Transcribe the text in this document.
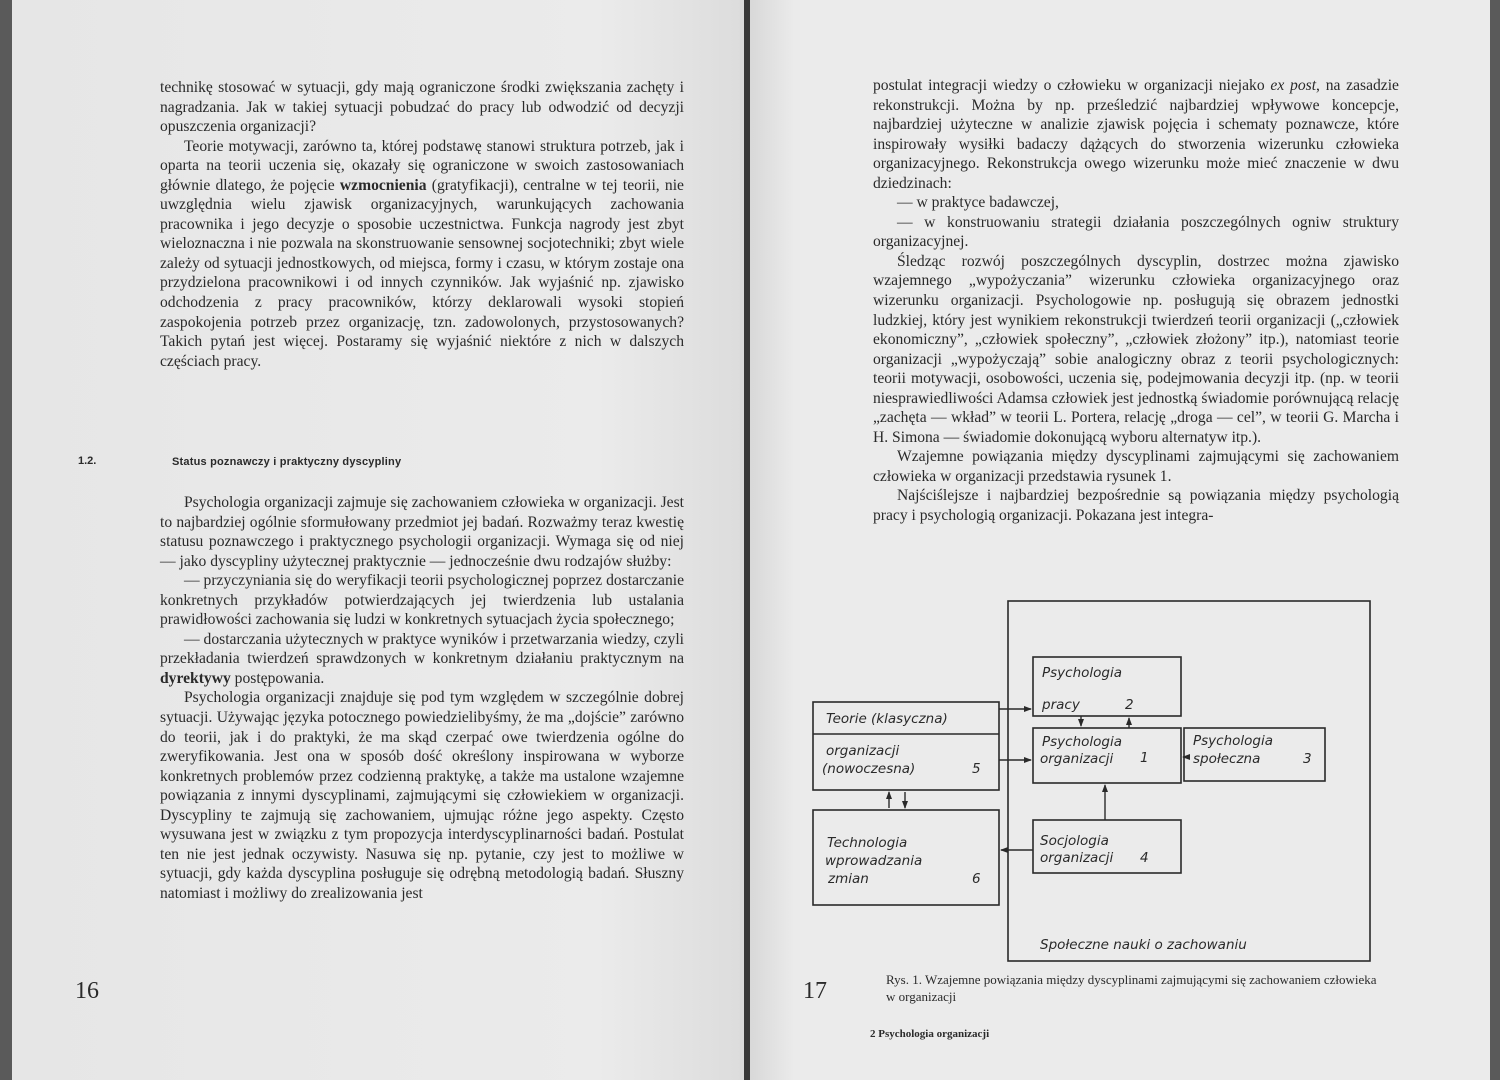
technikę stosować w sytuacji, gdy mają ograniczone środki zwiększania zachęty i nagradzania. Jak w takiej sytuacji pobudzać do pracy lub odwodzić od decyzji opuszczenia organizacji?

Teorie motywacji, zarówno ta, której podstawę stanowi struktura potrzeb, jak i oparta na teorii uczenia się, okazały się ograniczone w swoich zastosowaniach głównie dlatego, że pojęcie wzmocnienia (gratyfikacji), centralne w tej teorii, nie uwzględnia wielu zjawisk organizacyjnych, warunkujących zachowania pracownika i jego decyzje o sposobie uczestnictwa. Funkcja nagrody jest zbyt wieloznaczna i nie pozwala na skonstruowanie sensownej socjotechniki; zbyt wiele zależy od sytuacji jednostkowych, od miejsca, formy i czasu, w którym zostaje ona przydzielona pracownikowi i od innych czynników. Jak wyjaśnić np. zjawisko odchodzenia z pracy pracowników, którzy deklarowali wysoki stopień zaspokojenia potrzeb przez organizację, tzn. zadowolonych, przystosowanych? Takich pytań jest więcej. Postaramy się wyjaśnić niektóre z nich w dalszych częściach pracy.

1.2.	Status poznawczy i praktyczny dyscypliny

Psychologia organizacji zajmuje się zachowaniem człowieka w organizacji. Jest to najbardziej ogólnie sformułowany przedmiot jej badań. Rozważmy teraz kwestię statusu poznawczego i praktycznego psychologii organizacji. Wymaga się od niej — jako dyscypliny użytecznej praktycznie — jednocześnie dwu rodzajów służby:

— przyczyniania się do weryfikacji teorii psychologicznej poprzez dostarczanie konkretnych przykładów potwierdzających jej twierdzenia lub ustalania prawidłowości zachowania się ludzi w konkretnych sytuacjach życia społecznego;

— dostarczania użytecznych w praktyce wyników i przetwarzania wiedzy, czyli przekładania twierdzeń sprawdzonych w konkretnym działaniu praktycznym na dyrektywy postępowania.

Psychologia organizacji znajduje się pod tym względem w szczególnie dobrej sytuacji. Używając języka potocznego powiedzielibyśmy, że ma „dojście” zarówno do teorii, jak i do praktyki, że ma skąd czerpać owe twierdzenia ogólne do zweryfikowania. Jest ona w sposób dość określony inspirowana w wyborze konkretnych problemów przez codzienną praktykę, a także ma ustalone wzajemne powiązania z innymi dyscyplinami, zajmującymi się człowiekiem w organizacji. Dyscypliny te zajmują się zachowaniem, ujmując różne jego aspekty. Często wysuwana jest w związku z tym propozycja interdyscyplinarności badań. Postulat ten nie jest jednak oczywisty. Nasuwa się np. pytanie, czy jest to możliwe w sytuacji, gdy każda dyscyplina posługuje się odrębną metodologią badań. Słuszny natomiast i możliwy do zrealizowania jest

16

postulat integracji wiedzy o człowieku w organizacji niejako ex post, na zasadzie rekonstrukcji. Można by np. prześledzić najbardziej wpływowe koncepcje, najbardziej użyteczne w analizie zjawisk pojęcia i schematy poznawcze, które inspirowały wysiłki badaczy dążących do stworzenia wizerunku człowieka organizacyjnego. Rekonstrukcja owego wizerunku może mieć znaczenie w dwu dziedzinach:

— w praktyce badawczej,

— w konstruowaniu strategii działania poszczególnych ogniw struktury organizacyjnej.

Śledząc rozwój poszczególnych dyscyplin, dostrzec można zjawisko wzajemnego „wypożyczania” wizerunku człowieka organizacyjnego oraz wizerunku organizacji. Psychologowie np. posługują się obrazem jednostki ludzkiej, który jest wynikiem rekonstrukcji twierdzeń teorii organizacji („człowiek ekonomiczny”, „człowiek społeczny”, „człowiek złożony” itp.), natomiast teorie organizacji „wypożyczają” sobie analogiczny obraz z teorii psychologicznych: teorii motywacji, osobowości, uczenia się, podejmowania decyzji itp. (np. w teorii niesprawiedliwości Adamsa człowiek jest jednostką świadomie porównującą relację „zachęta — wkład” w teorii L. Portera, relację „droga — cel”, w teorii G. Marcha i H. Simona — świadomie dokonującą wyboru alternatyw itp.).

Wzajemne powiązania między dyscyplinami zajmującymi się zachowaniem człowieka w organizacji przedstawia rysunek 1.

Najściślejsze i najbardziej bezpośrednie są powiązania między psychologią pracy i psychologią organizacji. Pokazana jest integra-

Teorie (klasyczna)
organizacji
(nowoczesna)	5
Psychologia
pracy	2
Psychologia
organizacji 1
Psychologia
społeczna	3
Technologia
wprowadzania
zmian	6
Socjologia
organizacji 4
Społeczne nauki o zachowaniu
17	Rys. 1. Wzajemne powiązania między dyscyplinami zajmującymi się zachowaniem człowieka w organizacji
2 Psychologia organizacji
